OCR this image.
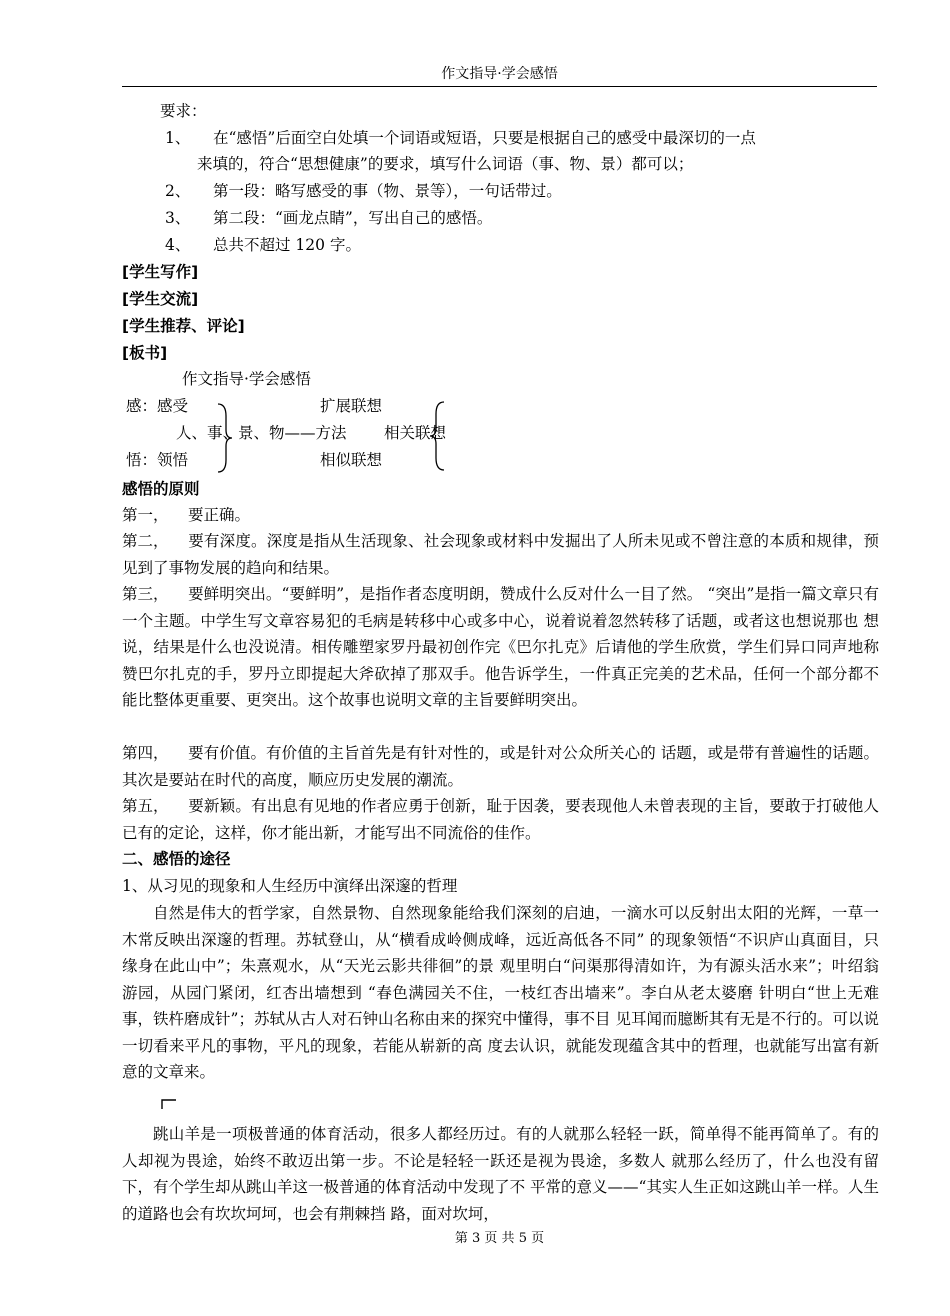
作文指导·学会感悟
要求：
1、 在“感悟”后面空白处填一个词语或短语，只要是根据自己的感受中最深切的一点
来填的，符合“思想健康”的要求，填写什么词语（事、物、景）都可以；
2、 第一段：略写感受的事（物、景等），一句话带过。
3、 第二段：“画龙点睛”，写出自己的感悟。
4、 总共不超过 120 字。
[学生写作]
[学生交流]
[学生推荐、评论]
[板书]
作文指导·学会感悟
感：感受
人、事、景、物——方法
悟：领悟
扩展联想
相关联想
相似联想
感悟的原则
第一， 要正确。
第二， 要有深度。深度是指从生活现象、社会现象或材料中发掘出了人所未见或不曾注意的本质和规律，预见到了事物发展的趋向和结果。
第三， 要鲜明突出。“要鲜明”，是指作者态度明朗，赞成什么反对什么一目了然。 “突出”是指一篇文章只有一个主题。中学生写文章容易犯的毛病是转移中心或多中心，说着说着忽然转移了话题，或者这也想说那也 想说，结果是什么也没说清。相传雕塑家罗丹最初创作完《巴尔扎克》后请他的学生欣赏，学生们异口同声地称赞巴尔扎克的手，罗丹立即提起大斧砍掉了那双手。他告诉学生，一件真正完美的艺术品，任何一个部分都不能比整体更重要、更突出。这个故事也说明文章的主旨要鲜明突出。
第四， 要有价值。有价值的主旨首先是有针对性的，或是针对公众所关心的 话题，或是带有普遍性的话题。其次是要站在时代的高度，顺应历史发展的潮流。
第五， 要新颖。有出息有见地的作者应勇于创新，耻于因袭，要表现他人未曾表现的主旨，要敢于打破他人已有的定论，这样，你才能出新，才能写出不同流俗的佳作。
二、感悟的途径
1、从习见的现象和人生经历中演绎出深邃的哲理
自然是伟大的哲学家，自然景物、自然现象能给我们深刻的启迪，一滴水可以反射出太阳的光辉，一草一木常反映出深邃的哲理。苏轼登山，从“横看成岭侧成峰，远近高低各不同” 的现象领悟“不识庐山真面目，只缘身在此山中”；朱熹观水，从“天光云影共徘徊”的景 观里明白“问渠那得清如许，为有源头活水来”；叶绍翁游园，从园门紧闭，红杏出墙想到 “春色满园关不住，一枝红杏出墙来”。李白从老太婆磨 针明白“世上无难事，铁杵磨成针”；苏轼从古人对石钟山名称由来的探究中懂得，事不目 见耳闻而臆断其有无是不行的。可以说一切看来平凡的事物，平凡的现象，若能从崭新的高 度去认识，就能发现蕴含其中的哲理，也就能写出富有新意的文章来。
跳山羊是一项极普通的体育活动，很多人都经历过。有的人就那么轻轻一跃，简单得不能再简单了。有的人却视为畏途，始终不敢迈出第一步。不论是轻轻一跃还是视为畏途，多数人 就那么经历了，什么也没有留下，有个学生却从跳山羊这一极普通的体育活动中发现了不 平常的意义——“其实人生正如这跳山羊一样。人生的道路也会有坎坎坷坷，也会有荆棘挡 路，面对坎坷，
第 3 页 共 5 页
